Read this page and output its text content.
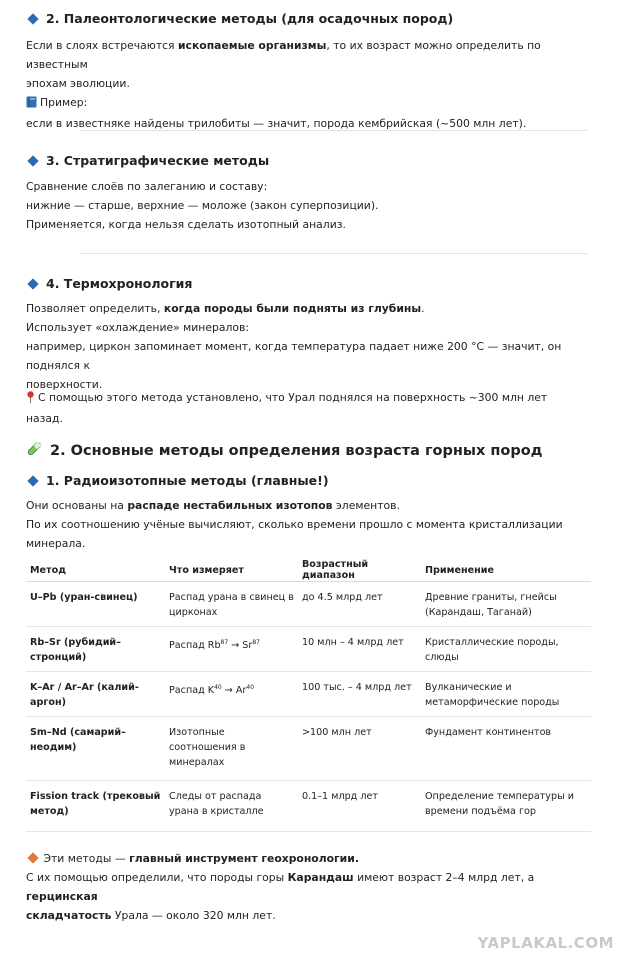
2. Палеонтологические методы (для осадочных пород)
Если в слоях встречаются ископаемые организмы, то их возраст можно определить по известным
эпохам эволюции.
Пример:
если в известняке найдены трилобиты — значит, порода кембрийская (~500 млн лет).
3. Стратиграфические методы
Сравнение слоёв по залеганию и составу:
нижние — старше, верхние — моложе (закон суперпозиции).
Применяется, когда нельзя сделать изотопный анализ.
4. Термохронология
Позволяет определить, когда породы были подняты из глубины.
Использует «охлаждение» минералов:
например, циркон запоминает момент, когда температура падает ниже 200 °C — значит, он поднялся к
поверхности.
С помощью этого метода установлено, что Урал поднялся на поверхность ~300 млн лет назад.
2. Основные методы определения возраста горных пород
1. Радиоизотопные методы (главные!)
Они основаны на распаде нестабильных изотопов элементов.
По их соотношению учёные вычисляют, сколько времени прошло с момента кристаллизации
минерала.
Метод	Что измеряет	Возрастный диапазон	Применение
U–Pb (уран-свинец)	Распад урана в свинец в цирконах	до 4.5 млрд лет	Древние граниты, гнейсы (Карандаш, Таганай)
Rb–Sr (рубидий–стронций)	Распад $Rb^{87} \to Sr^{87}$	10 млн – 4 млрд лет	Кристаллические породы, слюды
K–Ar / Ar–Ar (калий-аргон)	Распад $K^{40} \to Ar^{40}$	100 тыс. – 4 млрд лет	Вулканические и метаморфические породы
Sm–Nd (самарий–неодим)	Изотопные соотношения в минералах	>100 млн лет	Фундамент континентов
Fission track (трековый метод)	Следы от распада урана в кристалле	0.1–1 млрд лет	Определение температуры и времени подъёма гор
Эти методы — главный инструмент геохронологии.
С их помощью определили, что породы горы Карандаш имеют возраст 2–4 млрд лет, а герцинская
складчатость Урала — около 320 млн лет.
YAPLAKAL.COM
